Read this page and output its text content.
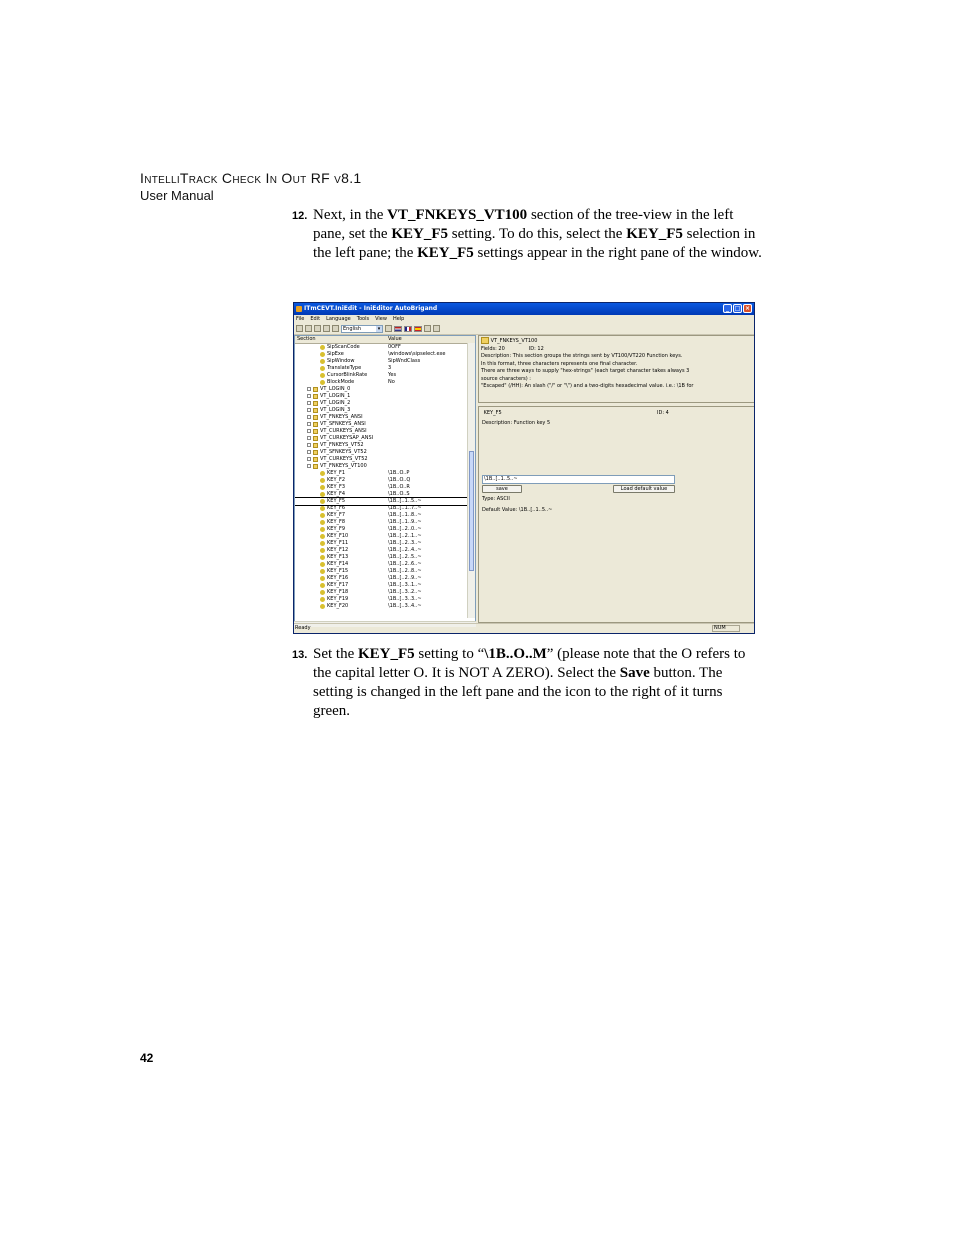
IntelliTrack Check In Out RF v8.1
User Manual
12. Next, in the VT_FNKEYS_VT100 section of the tree-view in the left pane, set the KEY_F5 setting. To do this, select the KEY_F5 selection in the left pane; the KEY_F5 settings appear in the right pane of the window.
ITmCEVT.IniEdit - IniEditor AutoBrigand	_ □ ×
File Edit Language Tools View Help
English ▾
Section	Value
SipScanCode	0OFF
SipExe	\windows\sipselect.exe
SipWindow	SipWndClass
TranslateType	3
CursorBlinkRate	Yes
BlockMode	No
VT_LOGIN_0
VT_LOGIN_1
VT_LOGIN_2
VT_LOGIN_3
VT_FNKEYS_ANSI
VT_SFNKEYS_ANSI
VT_CURKEYS_ANSI
VT_CURKEYSAP_ANSI
VT_FNKEYS_VT52
VT_SFNKEYS_VT52
VT_CURKEYS_VT52
VT_FNKEYS_VT100
KEY_F1	\1B..O..P
KEY_F2	\1B..O..Q
KEY_F3	\1B..O..R
KEY_F4	\1B..O..S
KEY_F5	\1B..[..1..5..~
KEY_F6	\1B..[..1..7..~
KEY_F7	\1B..[..1..8..~
KEY_F8	\1B..[..1..9..~
KEY_F9	\1B..[..2..0..~
KEY_F10	\1B..[..2..1..~
KEY_F11	\1B..[..2..3..~
KEY_F12	\1B..[..2..4..~
KEY_F13	\1B..[..2..5..~
KEY_F14	\1B..[..2..6..~
KEY_F15	\1B..[..2..8..~
KEY_F16	\1B..[..2..9..~
KEY_F17	\1B..[..3..1..~
KEY_F18	\1B..[..3..2..~
KEY_F19	\1B..[..3..3..~
KEY_F20	\1B..[..3..4..~
VT_FNKEYS_VT100
Fields: 20	ID: 12
Description: This section groups the strings sent by VT100/VT220 Function keys.
In this format, three characters represents one final character.
There are three ways to supply "hex-strings" (each target character takes always 3
source characters) :
"Escaped" (/HH): An slash ("/" or "\") and a two-digits hexadecimal value. i.e.: \1B for
KEY_F5	ID: 4
Description: Function key 5
\1B..[..1..5..~
save	Load default value
Type: ASCII
Default Value: \1B..[..1..5..~
Ready	NUM
13. Set the KEY_F5 setting to “\1B..O..M” (please note that the O refers to the capital letter O. It is NOT A ZERO). Select the Save button. The setting is changed in the left pane and the icon to the right of it turns green.
42
